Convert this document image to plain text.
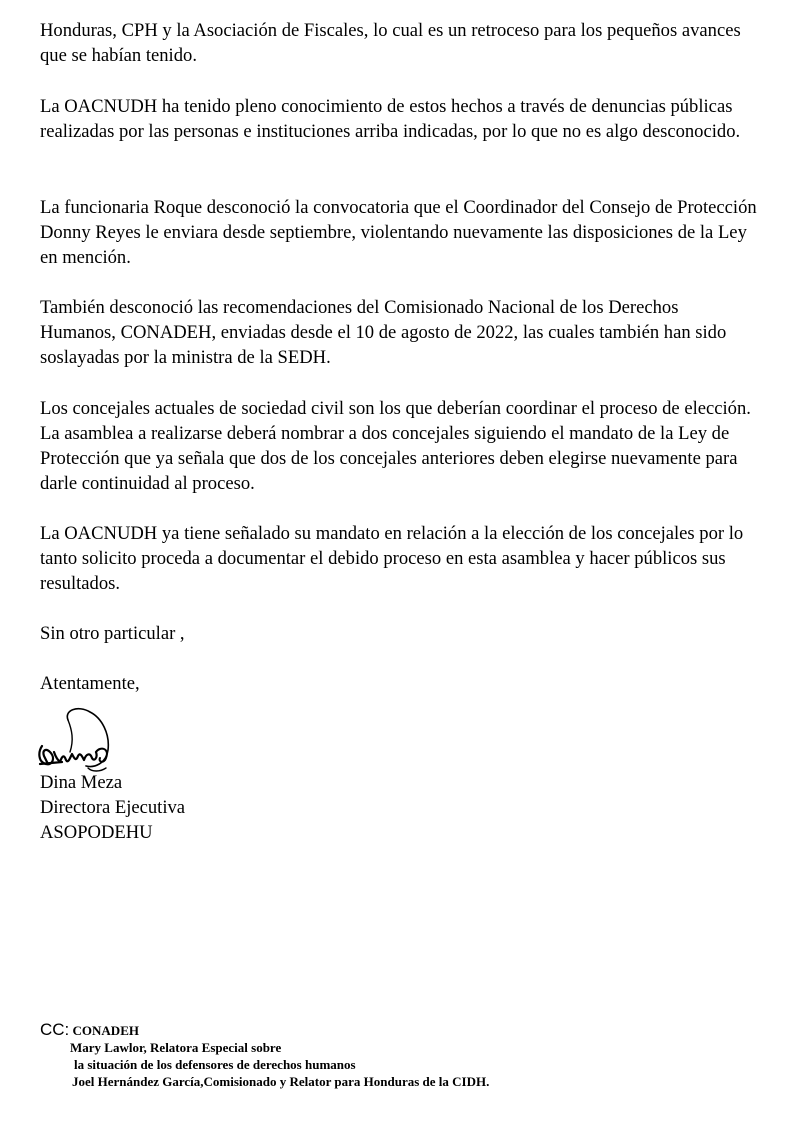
Honduras, CPH y la Asociación de Fiscales, lo cual es un retroceso para los pequeños avances que se habían tenido.

La OACNUDH ha tenido pleno conocimiento de estos hechos a través de denuncias públicas realizadas por las personas e instituciones arriba indicadas, por lo que no es algo desconocido.

La funcionaria Roque desconoció la convocatoria que el Coordinador del Consejo de Protección Donny Reyes le enviara desde septiembre, violentando nuevamente las disposiciones de la Ley en mención.

También desconoció las recomendaciones del Comisionado Nacional de los Derechos Humanos, CONADEH, enviadas desde el 10 de agosto de 2022, las cuales también han sido soslayadas por la ministra de la SEDH.

Los concejales actuales de sociedad civil son los que deberían coordinar el proceso de elección. La asamblea a realizarse deberá nombrar a dos concejales siguiendo el mandato de la Ley de Protección que ya señala que dos de los concejales anteriores deben elegirse nuevamente para darle continuidad al proceso.

La OACNUDH ya tiene señalado su mandato en relación a la elección de los concejales por lo tanto solicito proceda a documentar el debido proceso en esta asamblea y hacer públicos sus resultados.

Sin otro particular ,

Atentamente,

Dina Meza
Directora Ejecutiva
ASOPODEHU
CC: CONADEH
Mary Lawlor, Relatora Especial sobre
la situación de los defensores de derechos humanos
Joel Hernández García,Comisionado y Relator para Honduras de la CIDH.
